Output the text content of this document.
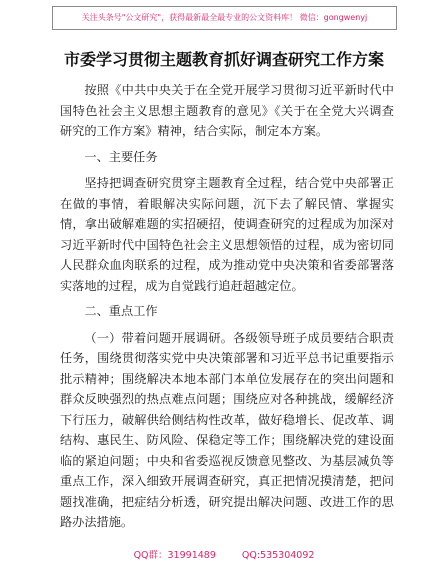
关注头条号"公文研究"，获得最新最全最专业的公文资料库！ 微信：gongwenyj
市委学习贯彻主题教育抓好调查研究工作方案

按照《中共中央关于在全党开展学习贯彻习近平新时代中国特色社会主义思想主题教育的意见》《关于在全党大兴调查研究的工作方案》精神，结合实际，制定本方案。

一、主要任务

坚持把调查研究贯穿主题教育全过程，结合党中央部署正在做的事情，着眼解决实际问题，沉下去了解民情、掌握实情，拿出破解难题的实招硬招，使调查研究的过程成为加深对习近平新时代中国特色社会主义思想领悟的过程，成为密切同人民群众血肉联系的过程，成为推动党中央决策和省委部署落实落地的过程，成为自觉践行追赶超越定位。

二、重点工作

（一）带着问题开展调研。各级领导班子成员要结合职责任务，围绕贯彻落实党中央决策部署和习近平总书记重要指示批示精神；围绕解决本地本部门本单位发展存在的突出问题和群众反映强烈的热点难点问题；围绕应对各种挑战，缓解经济下行压力，破解供给侧结构性改革，做好稳增长、促改革、调结构、惠民生、防风险、保稳定等工作；围绕解决党的建设面临的紧迫问题；中央和省委巡视反馈意见整改、为基层减负等重点工作，深入细致开展调查研究，真正把情况摸清楚，把问题找准确，把症结分析透，研究提出解决问题、改进工作的思路办法措施。

QQ群：31991489	QQ:535304092
